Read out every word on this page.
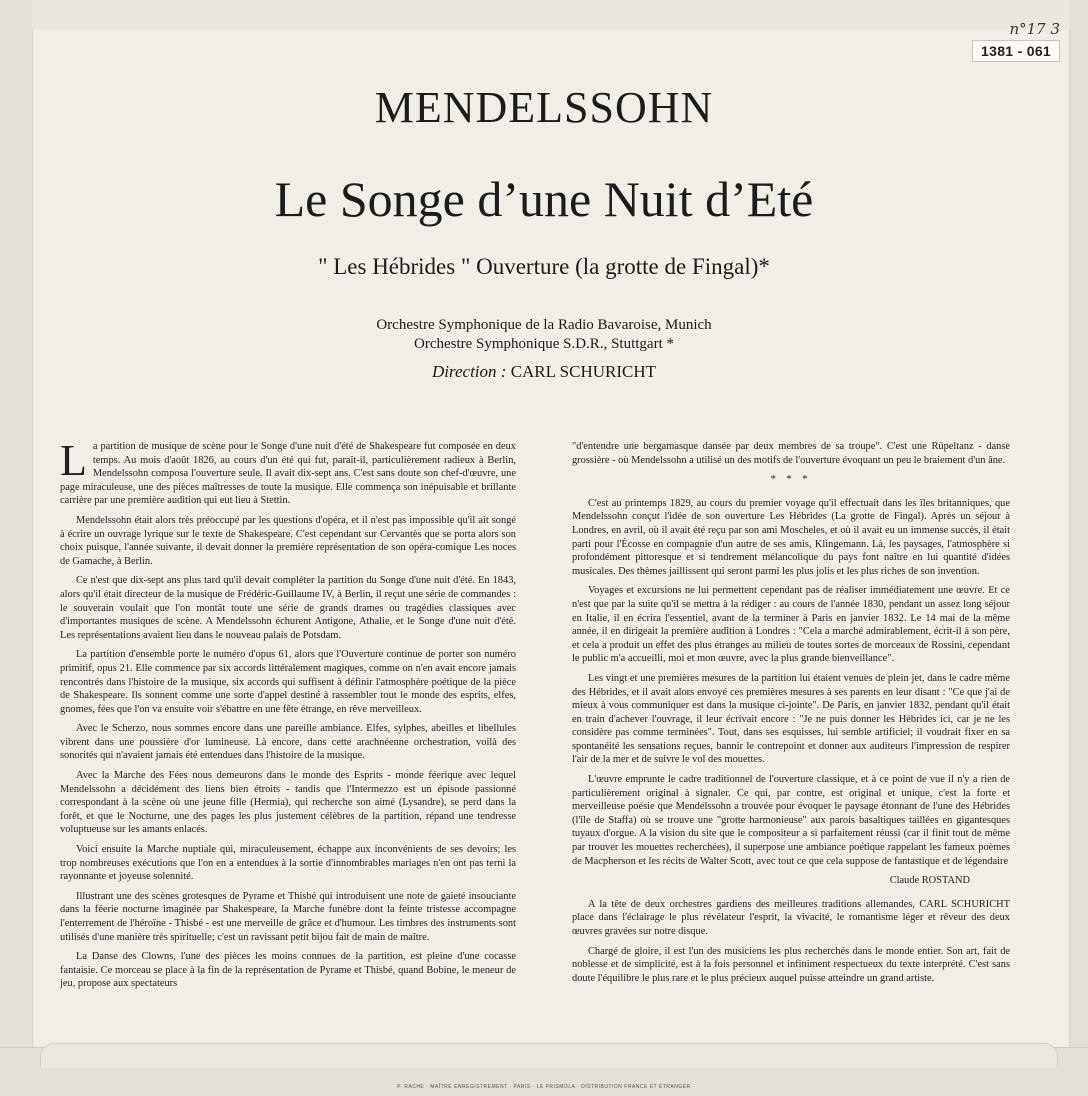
n°17 3
1381 - 061
MENDELSSOHN
Le Songe d’une Nuit d’Eté
" Les Hébrides " Ouverture (la grotte de Fingal)*
Orchestre Symphonique de la Radio Bavaroise, Munich
Orchestre Symphonique S.D.R., Stuttgart *
Direction : CARL SCHURICHT

La partition de musique de scène pour le Songe d'une nuit d'été de Shakespeare fut composée en deux temps. Au mois d'août 1826, au cours d'un été qui fut, paraît-il, particulièrement radieux à Berlin, Mendelssohn composa l'ouverture seule. Il avait dix-sept ans. C'est sans doute son chef-d'œuvre, une page miraculeuse, une des pièces maîtresses de toute la musique. Elle commença son inépuisable et brillante carrière par une première audition qui eut lieu à Stettin.

Mendelssohn était alors très préoccupé par les questions d'opéra, et il n'est pas impossible qu'il ait songé à écrire un ouvrage lyrique sur le texte de Shakespeare. C'est cependant sur Cervantès que se porta alors son choix puisque, l'année suivante, il devait donner la première représentation de son opéra-comique Les noces de Gamache, à Berlin.

Ce n'est que dix-sept ans plus tard qu'il devait compléter la partition du Songe d'une nuit d'été. En 1843, alors qu'il était directeur de la musique de Frédéric-Guillaume IV, à Berlin, il reçut une série de commandes : le souverain voulait que l'on montât toute une série de grands drames ou tragédies classiques avec d'importantes musiques de scène. A Mendelssohn échurent Antigone, Athalie, et le Songe d'une nuit d'été. Les représentations avaient lieu dans le nouveau palais de Potsdam.

La partition d'ensemble porte le numéro d'opus 61, alors que l'Ouverture continue de porter son numéro primitif, opus 21. Elle commence par six accords littéralement magiques, comme on n'en avait encore jamais rencontrés dans l'histoire de la musique, six accords qui suffisent à définir l'atmosphère poétique de la pièce de Shakespeare. Ils sonnent comme une sorte d'appel destiné à rassembler tout le monde des esprits, elfes, gnomes, fées que l'on va ensuite voir s'ébattre en une fête étrange, en rêve merveilleux.

Avec le Scherzo, nous sommes encore dans une pareille ambiance. Elfes, sylphes, abeilles et libellules vibrent dans une poussière d'or lumineuse. Là encore, dans cette arachnéenne orchestration, voilà des sonorités qui n'avaient jamais été entendues dans l'histoire de la musique.

Avec la Marche des Fées nous demeurons dans le monde des Esprits - monde féerique avec lequel Mendelssohn a décidément des liens bien étroits - tandis que l'Intermezzo est un épisode passionné correspondant à la scène où une jeune fille (Hermia), qui recherche son aimé (Lysandre), se perd dans la forêt, et que le Nocturne, une des pages les plus justement célèbres de la partition, répand une tendresse voluptueuse sur les amants enlacés.

Voici ensuite la Marche nuptiale qui, miraculeusement, échappe aux inconvénients de ses devoirs; les trop nombreuses exécutions que l'on en a entendues à la sortie d'innombrables mariages n'en ont pas terni la rayonnante et joyeuse solennité.

Illustrant une des scènes grotesques de Pyrame et Thisbé qui introduisent une note de gaieté insouciante dans la féerie nocturne imaginée par Shakespeare, la Marche funèbre dont la feinte tristesse accompagne l'enterrement de l'héroïne - Thisbé - est une merveille de grâce et d'humour. Les timbres des instruments sont utilisés d'une manière très spirituelle; c'est un ravissant petit bijou fait de main de maître.

La Danse des Clowns, l'une des pièces les moins connues de la partition, est pleine d'une cocasse fantaisie. Ce morceau se place à la fin de la représentation de Pyrame et Thisbé, quand Bobine, le meneur de jeu, propose aux spectateurs

"d'entendre une bergamasque dansée par deux membres de sa troupe". C'est une Rüpeltanz - danse grossière - où Mendelssohn a utilisé un des motifs de l'ouverture évoquant un peu le braiement d'un âne.

* * *

C'est au printemps 1829, au cours du premier voyage qu'il effectuait dans les îles britanniques, que Mendelssohn conçut l'idée de son ouverture Les Hébrides (La grotte de Fingal). Après un séjour à Londres, en avril, où il avait été reçu par son ami Moscheles, et où il avait eu un immense succès, il était parti pour l'Écosse en compagnie d'un autre de ses amis, Klingemann. Là, les paysages, l'atmosphère si profondément pittoresque et si tendrement mélancolique du pays font naître en lui quantité d'idées musicales. Des thèmes jaillissent qui seront parmi les plus jolis et les plus riches de son invention.

Voyages et excursions ne lui permettent cependant pas de réaliser immédiatement une œuvre. Et ce n'est que par la suite qu'il se mettra à la rédiger : au cours de l'année 1830, pendant un assez long séjour en Italie, il en écrira l'essentiel, avant de la terminer à Paris en janvier 1832. Le 14 mai de la même année, il en dirigeait la première audition à Londres : "Cela a marché admirablement, écrit-il à son père, et cela a produit un effet des plus étranges au milieu de toutes sortes de morceaux de Rossini, cependant le public m'a accueilli, moi et mon œuvre, avec la plus grande bienveillance".

Les vingt et une premières mesures de la partition lui étaient venues de plein jet, dans le cadre même des Hébrides, et il avait alors envoyé ces premières mesures à ses parents en leur disant : "Ce que j'ai de mieux à vous communiquer est dans la musique ci-jointe". De Paris, en janvier 1832, pendant qu'il était en train d'achever l'ouvrage, il leur écrivait encore : "Je ne puis donner les Hébrides ici, car je ne les considère pas comme terminées". Tout, dans ses esquisses, lui semble artificiel; il voudrait fixer en sa spontanéité les sensations reçues, bannir le contrepoint et donner aux auditeurs l'impression de respirer l'air de la mer et de suivre le vol des mouettes.

L'œuvre emprunte le cadre traditionnel de l'ouverture classique, et à ce point de vue il n'y a rien de particulièrement original à signaler. Ce qui, par contre, est original et unique, c'est la forte et merveilleuse poésie que Mendelssohn a trouvée pour évoquer le paysage étonnant de l'une des Hébrides (l'île de Staffa) où se trouve une "grotte harmonieuse" aux parois basaltiques taillées en gigantesques tuyaux d'orgue. A la vision du site que le compositeur a si parfaitement réussi (car il finit tout de même par trouver les mouettes recherchées), il superpose une ambiance poétique rappelant les fameux poèmes de Macpherson et les récits de Walter Scott, avec tout ce que cela suppose de fantastique et de légendaire

Claude ROSTAND

A la tête de deux orchestres gardiens des meilleures traditions allemandes, CARL SCHURICHT place dans l'éclairage le plus révélateur l'esprit, la vivacité, le romantisme léger et rêveur des deux œuvres gravées sur notre disque.

Chargé de gloire, il est l'un des musiciens les plus recherchés dans le monde entier. Son art, fait de noblesse et de simplicité, est à la fois personnel et infiniment respectueux du texte interprété. C'est sans doute l'équilibre le plus rare et le plus précieux auquel puisse atteindre un grand artiste.

P. RACHE · MAÎTRE ENREGISTREMENT · PARIS · LE PRISMOLA · DISTRIBUTION FRANCE ET ÉTRANGER
